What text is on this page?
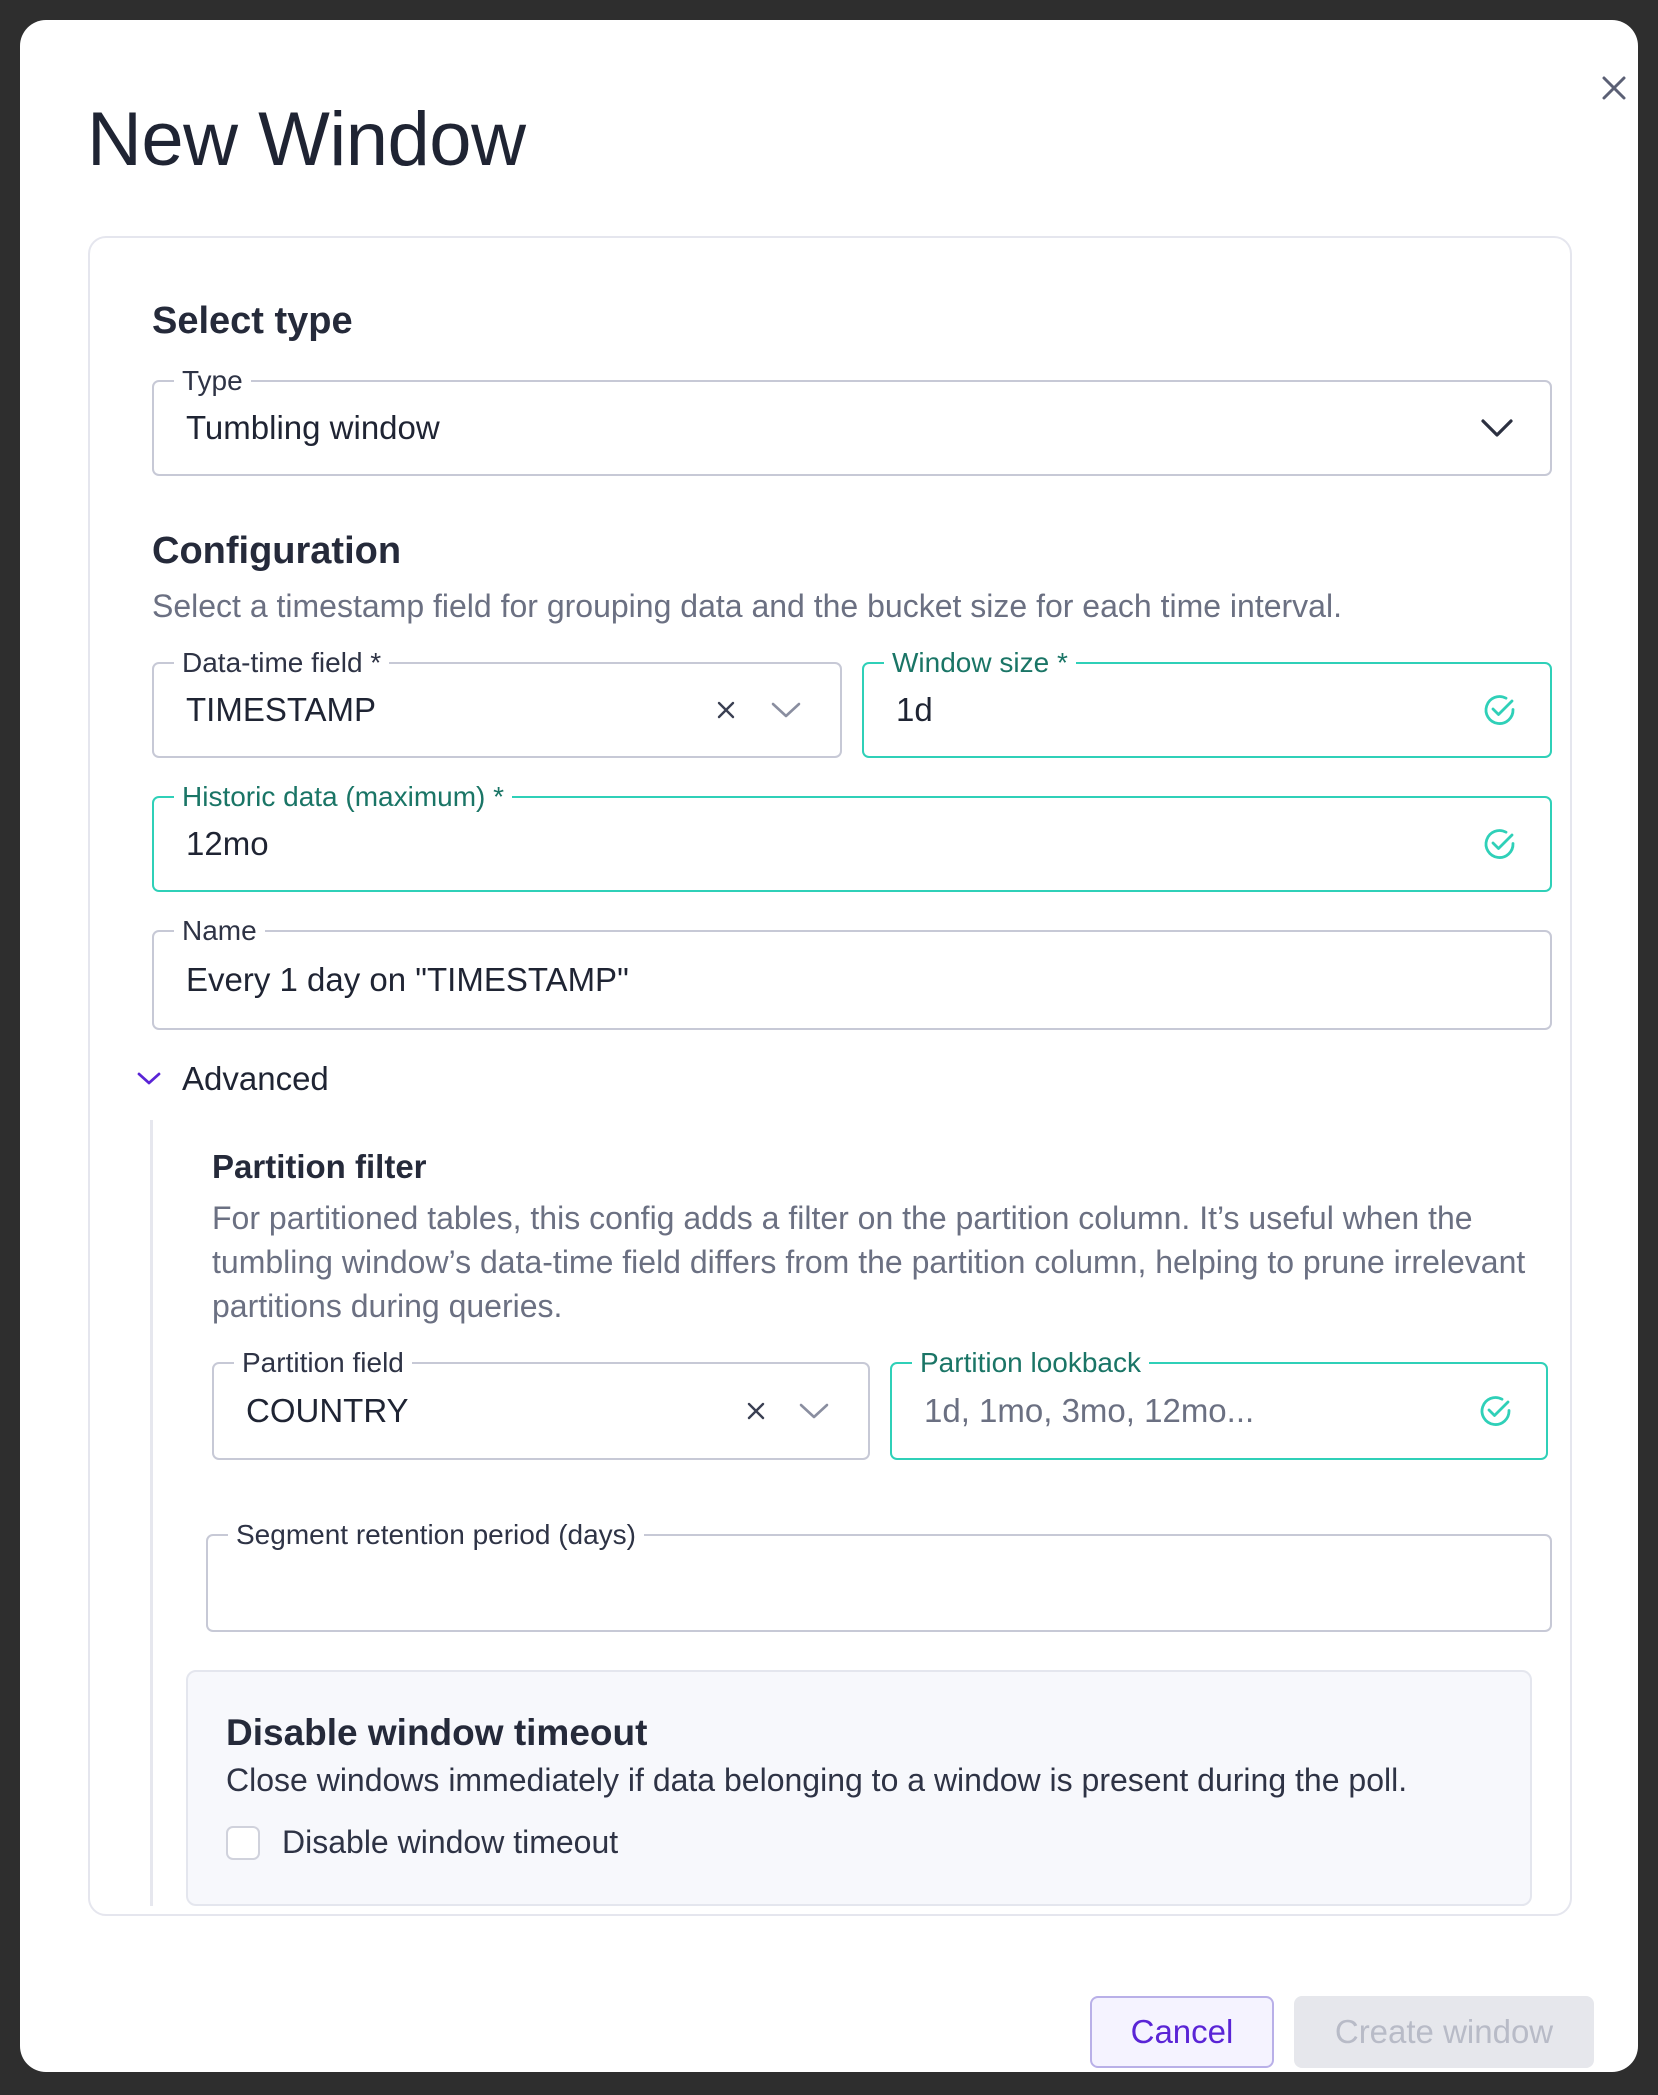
New Window
Select type
Type
Tumbling window
Configuration

Select a timestamp field for grouping data and the bucket size for each time interval.

Data-time field *
TIMESTAMP
Window size *
1d
Historic data (maximum) *
12mo
Name
Every 1 day on "TIMESTAMP"
Advanced
Partition filter

For partitioned tables, this config adds a filter on the partition column. It’s useful when the tumbling window’s data-time field differs from the partition column, helping to prune irrelevant partitions during queries.

Partition field
COUNTRY
Partition lookback
1d, 1mo, 3mo, 12mo...
Segment retention period (days)
Disable window timeout

Close windows immediately if data belonging to a window is present during the poll.

Disable window timeout
Cancel	Create window
